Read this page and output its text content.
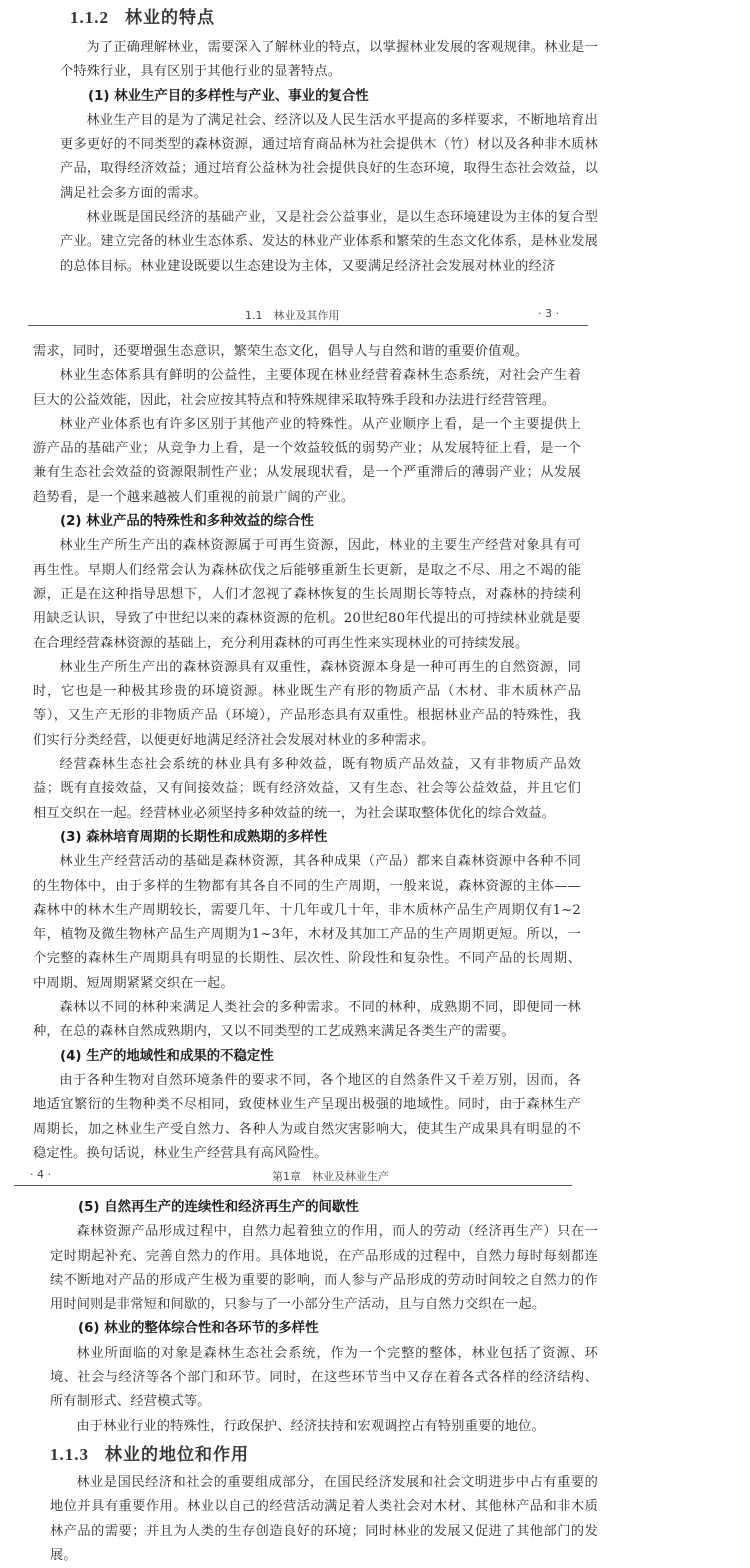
1.1.2 林业的特点

为了正确理解林业，需要深入了解林业的特点，以掌握林业发展的客观规律。林业是一个特殊行业，具有区别于其他行业的显著特点。

(1) 林业生产目的多样性与产业、事业的复合性

林业生产目的是为了满足社会、经济以及人民生活水平提高的多样要求，不断地培育出更多更好的不同类型的森林资源，通过培育商品林为社会提供木（竹）材以及各种非木质林产品，取得经济效益；通过培育公益林为社会提供良好的生态环境，取得生态社会效益，以满足社会多方面的需求。

林业既是国民经济的基础产业，又是社会公益事业，是以生态环境建设为主体的复合型产业。建立完备的林业生态体系、发达的林业产业体系和繁荣的生态文化体系，是林业发展的总体目标。林业建设既要以生态建设为主体，又要满足经济社会发展对林业的经济

1.1　林业及其作用	· 3 ·

需求，同时，还要增强生态意识，繁荣生态文化，倡导人与自然和谐的重要价值观。

林业生态体系具有鲜明的公益性，主要体现在林业经营着森林生态系统，对社会产生着巨大的公益效能，因此，社会应按其特点和特殊规律采取特殊手段和办法进行经营管理。

林业产业体系也有许多区别于其他产业的特殊性。从产业顺序上看，是一个主要提供上游产品的基础产业；从竞争力上看，是一个效益较低的弱势产业；从发展特征上看，是一个兼有生态社会效益的资源限制性产业；从发展现状看，是一个严重滞后的薄弱产业；从发展趋势看，是一个越来越被人们重视的前景广阔的产业。

(2) 林业产品的特殊性和多种效益的综合性

林业生产所生产出的森林资源属于可再生资源，因此，林业的主要生产经营对象具有可再生性。早期人们经常会认为森林砍伐之后能够重新生长更新，是取之不尽、用之不竭的能源，正是在这种指导思想下，人们才忽视了森林恢复的生长周期长等特点，对森林的持续利用缺乏认识，导致了中世纪以来的森林资源的危机。20世纪80年代提出的可持续林业就是要在合理经营森林资源的基础上，充分利用森林的可再生性来实现林业的可持续发展。

林业生产所生产出的森林资源具有双重性，森林资源本身是一种可再生的自然资源，同时，它也是一种极其珍贵的环境资源。林业既生产有形的物质产品（木材、非木质林产品等），又生产无形的非物质产品（环境），产品形态具有双重性。根据林业产品的特殊性，我们实行分类经营，以便更好地满足经济社会发展对林业的多种需求。

经营森林生态社会系统的林业具有多种效益，既有物质产品效益，又有非物质产品效益；既有直接效益，又有间接效益；既有经济效益，又有生态、社会等公益效益，并且它们相互交织在一起。经营林业必须坚持多种效益的统一，为社会谋取整体优化的综合效益。

(3) 森林培育周期的长期性和成熟期的多样性

林业生产经营活动的基础是森林资源，其各种成果（产品）都来自森林资源中各种不同的生物体中，由于多样的生物都有其各自不同的生产周期，一般来说，森林资源的主体——森林中的林木生产周期较长，需要几年、十几年或几十年，非木质林产品生产周期仅有1~2年，植物及微生物林产品生产周期为1~3年，木材及其加工产品的生产周期更短。所以，一个完整的森林生产周期具有明显的长期性、层次性、阶段性和复杂性。不同产品的长周期、中周期、短周期紧紧交织在一起。

森林以不同的林种来满足人类社会的多种需求。不同的林种，成熟期不同，即便同一林种，在总的森林自然成熟期内，又以不同类型的工艺成熟来满足各类生产的需要。

(4) 生产的地域性和成果的不稳定性

由于各种生物对自然环境条件的要求不同，各个地区的自然条件又千差万别，因而，各地适宜繁衍的生物种类不尽相同，致使林业生产呈现出极强的地域性。同时，由于森林生产周期长，加之林业生产受自然力、各种人为或自然灾害影响大，使其生产成果具有明显的不稳定性。换句话说，林业生产经营具有高风险性。

· 4 ·	第1章　林业及林业生产

(5) 自然再生产的连续性和经济再生产的间歇性

森林资源产品形成过程中，自然力起着独立的作用，而人的劳动（经济再生产）只在一定时期起补充、完善自然力的作用。具体地说，在产品形成的过程中，自然力每时每刻都连续不断地对产品的形成产生极为重要的影响，而人参与产品形成的劳动时间较之自然力的作用时间则是非常短和间歇的，只参与了一小部分生产活动，且与自然力交织在一起。

(6) 林业的整体综合性和各环节的多样性

林业所面临的对象是森林生态社会系统，作为一个完整的整体，林业包括了资源、环境、社会与经济等各个部门和环节。同时，在这些环节当中又存在着各式各样的经济结构、所有制形式、经营模式等。

由于林业行业的特殊性，行政保护、经济扶持和宏观调控占有特别重要的地位。

1.1.3 林业的地位和作用

林业是国民经济和社会的重要组成部分，在国民经济发展和社会文明进步中占有重要的地位并具有重要作用。林业以自己的经营活动满足着人类社会对木材、其他林产品和非木质林产品的需要；并且为人类的生存创造良好的环境；同时林业的发展又促进了其他部门的发展。
